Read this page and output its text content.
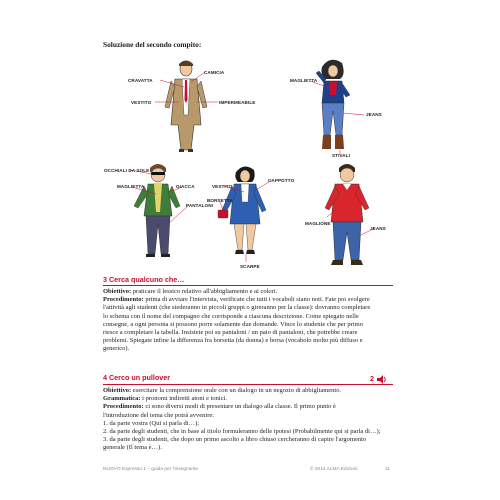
Soluzione del secondo compito:
CRAVATTA
CAMICIA
VESTITO	IMPERMEABILE
MAGLIETTA
JEANS
STIVALI
OCCHIALI DA SOLE
MAGLIETTA	GIACCA
PANTALONI
CAPPOTTO
VESTITO
BORSETTA
SCARPE
MAGLIONE
JEANS
3 Cerca qualcuno che…
Obiettivo: praticare il lessico relativo all'abbigliamento e ai colori.
Procedimento: prima di avviare l'intervista, verificate che tutti i vocaboli siano noti. Fate poi svolgere
l'attività agli studenti (che siederanno in piccoli gruppi o gireranno per la classe): dovranno completare
lo schema con il nome del compagno che corrisponde a ciascuna descrizione. Come spiegato nelle
consegne, a ogni persona si possono porre solamente due domande. Vince lo studente che per primo
riesce a completare la tabella. Insistete poi su pantaloni / un paio di pantaloni, che potrebbe creare
problemi. Spiegate infine la differenza fra borsetta (da donna) e borsa (vocabolo molto più diffuso e
generico).
4 Cerco un pullover	2
Obiettivo: esercitare la comprensione orale con un dialogo in un negozio di abbigliamento.
Grammatica: i pronomi indiretti atoni e tonici.
Procedimento: ci sono diversi modi di presentare un dialogo alla classe. Il primo punto è
l'introduzione del tema che potrà avvenire:
1. da parte vostra (Qui si parla di…);
2. da parte degli studenti, che in base al titolo formuleranno delle ipotesi (Probabilmente qui si parla di…);
3. da parte degli studenti, che dopo un primo ascolto a libro chiuso cercheranno di capire l'argomento
generale (Il tema è…).
NUOVO Espresso 1 – guida per l'insegnante	© 2014 ALMA Edizioni	11
